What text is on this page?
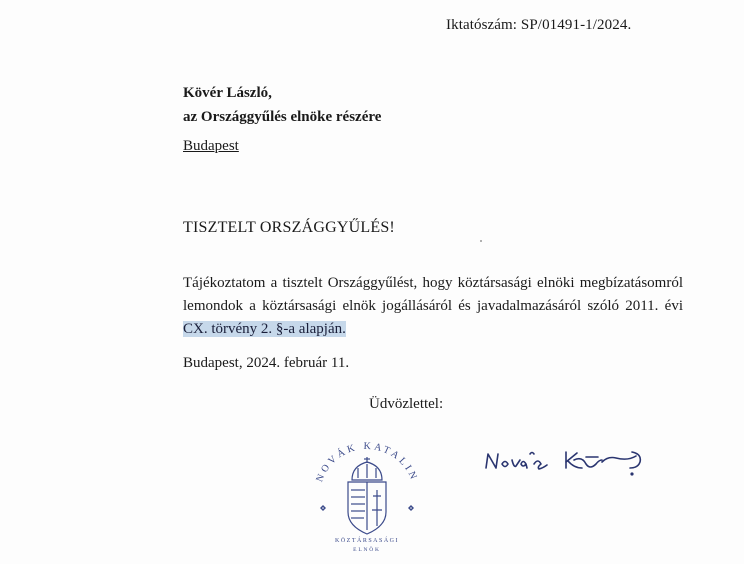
Iktatószám: SP/01491-1/2024.
Kövér László,
az Országgyűlés elnöke részére
Budapest
TISZTELT ORSZÁGGYŰLÉS!
Tájékoztatom a tisztelt Országgyűlést, hogy köztársasági elnöki megbízatásomról lemondok a köztársasági elnök jogállásáról és javadalmazásáról szóló 2011. évi CX. törvény 2. §-a alapján.
Budapest, 2024. február 11.
Üdvözlettel:
NOVÁK KATALIN
KÖZTÁRSASÁGI
ELNÖK
